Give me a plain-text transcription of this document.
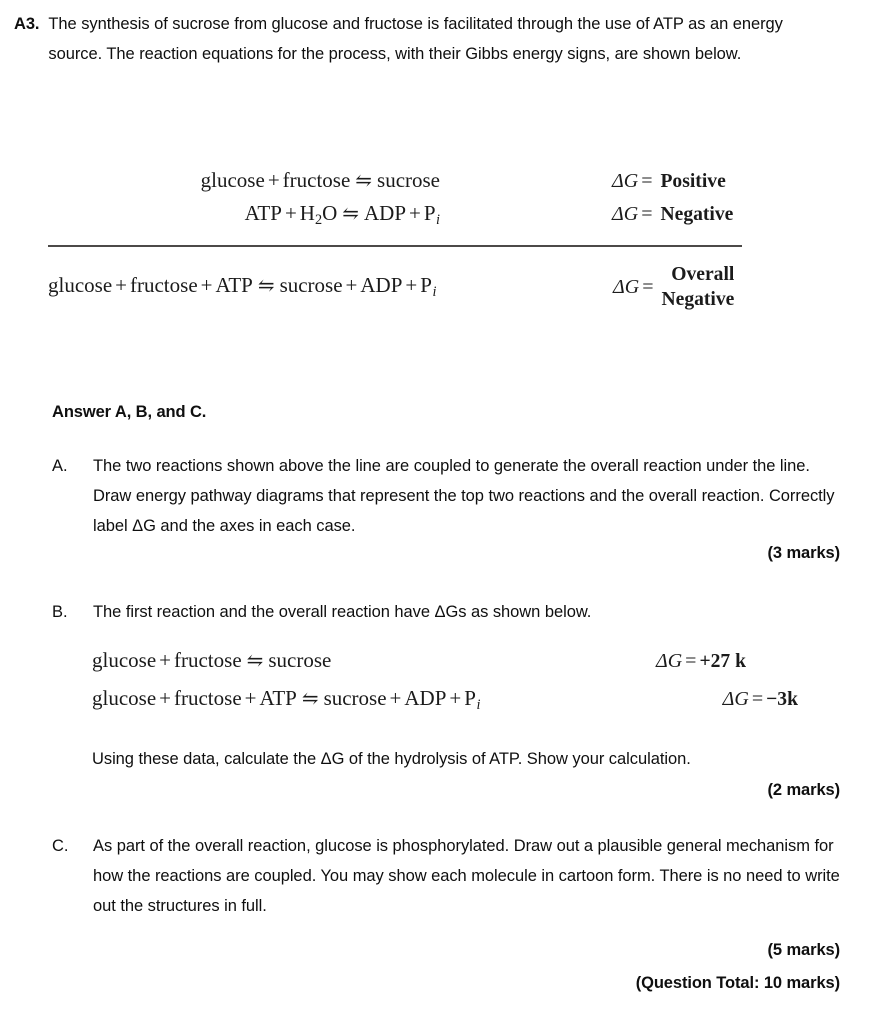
A3. The synthesis of sucrose from glucose and fructose is facilitated through the use of ATP as an energy source. The reaction equations for the process, with their Gibbs energy signs, are shown below.
glucose + fructose ⇋ sucrose	ΔG = Positive
ATP + H2O ⇋ ADP + $P_i$	ΔG = Negative
glucose + fructose + ATP ⇋ sucrose + ADP + $P_i$	ΔG =
Overall
Negative
Answer A, B, and C.
A.	The two reactions shown above the line are coupled to generate the overall reaction under the line. Draw energy pathway diagrams that represent the top two reactions and the overall reaction. Correctly label ΔG and the axes in each case.
(3 marks)
B.	The first reaction and the overall reaction have ΔGs as shown below.
glucose + fructose ⇋ sucrose	ΔG = +27 k
glucose + fructose + ATP ⇋ sucrose + ADP + $P_i$	ΔG = −3k
Using these data, calculate the ΔG of the hydrolysis of ATP. Show your calculation.
(2 marks)
C.	As part of the overall reaction, glucose is phosphorylated. Draw out a plausible general mechanism for how the reactions are coupled. You may show each molecule in cartoon form. There is no need to write out the structures in full.
(5 marks)
(Question Total: 10 marks)
